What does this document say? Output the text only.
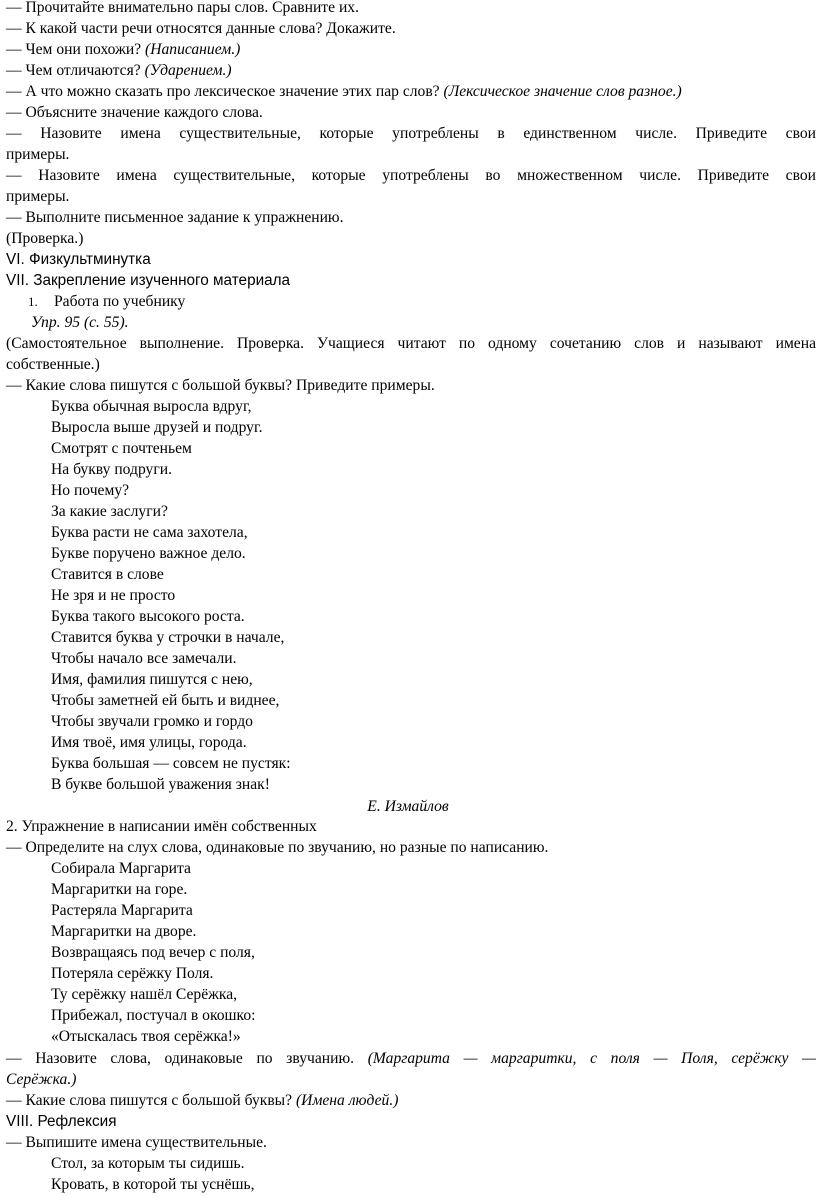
— Прочитайте внимательно пары слов. Сравните их.
— К какой части речи относятся данные слова? Докажите.
— Чем они похожи? (Написанием.)
— Чем отличаются? (Ударением.)
— А что можно сказать про лексическое значение этих пар слов? (Лексическое значение слов разное.)
— Объясните значение каждого слова.
— Назовите имена существительные, которые употреблены в единственном числе. Приведите свои
примеры.
— Назовите имена существительные, которые употреблены во множественном числе. Приведите свои
примеры.
— Выполните письменное задание к упражнению.
(Проверка.)
VI. Физкультминутка
VII. Закрепление изученного материала
1. Работа по учебнику
Упр. 95 (с. 55).
(Самостоятельное выполнение. Проверка. Учащиеся читают по одному сочетанию слов и называют имена
собственные.)
— Какие слова пишутся с большой буквы? Приведите примеры.
Буква обычная выросла вдруг,
Выросла выше друзей и подруг.
Смотрят с почтеньем
На букву подруги.
Но почему?
За какие заслуги?
Буква расти не сама захотела,
Букве поручено важное дело.
Ставится в слове
Не зря и не просто
Буква такого высокого роста.
Ставится буква у строчки в начале,
Чтобы начало все замечали.
Имя, фамилия пишутся с нею,
Чтобы заметней ей быть и виднее,
Чтобы звучали громко и гордо
Имя твоё, имя улицы, города.
Буква большая — совсем не пустяк:
В букве большой уважения знак!
Е. Измайлов
2. Упражнение в написании имён собственных
— Определите на слух слова, одинаковые по звучанию, но разные по написанию.
Собирала Маргарита
Маргаритки на горе.
Растеряла Маргарита
Маргаритки на дворе.
Возвращаясь под вечер с поля,
Потеряла серёжку Поля.
Ту серёжку нашёл Серёжка,
Прибежал, постучал в окошко:
«Отыскалась твоя серёжка!»
— Назовите слова, одинаковые по звучанию. (Маргарита — маргаритки, с поля — Поля, серёжку —
Серёжка.)
— Какие слова пишутся с большой буквы? (Имена людей.)
VIII. Рефлексия
— Выпишите имена существительные.
Стол, за которым ты сидишь.
Кровать, в которой ты уснёшь,
